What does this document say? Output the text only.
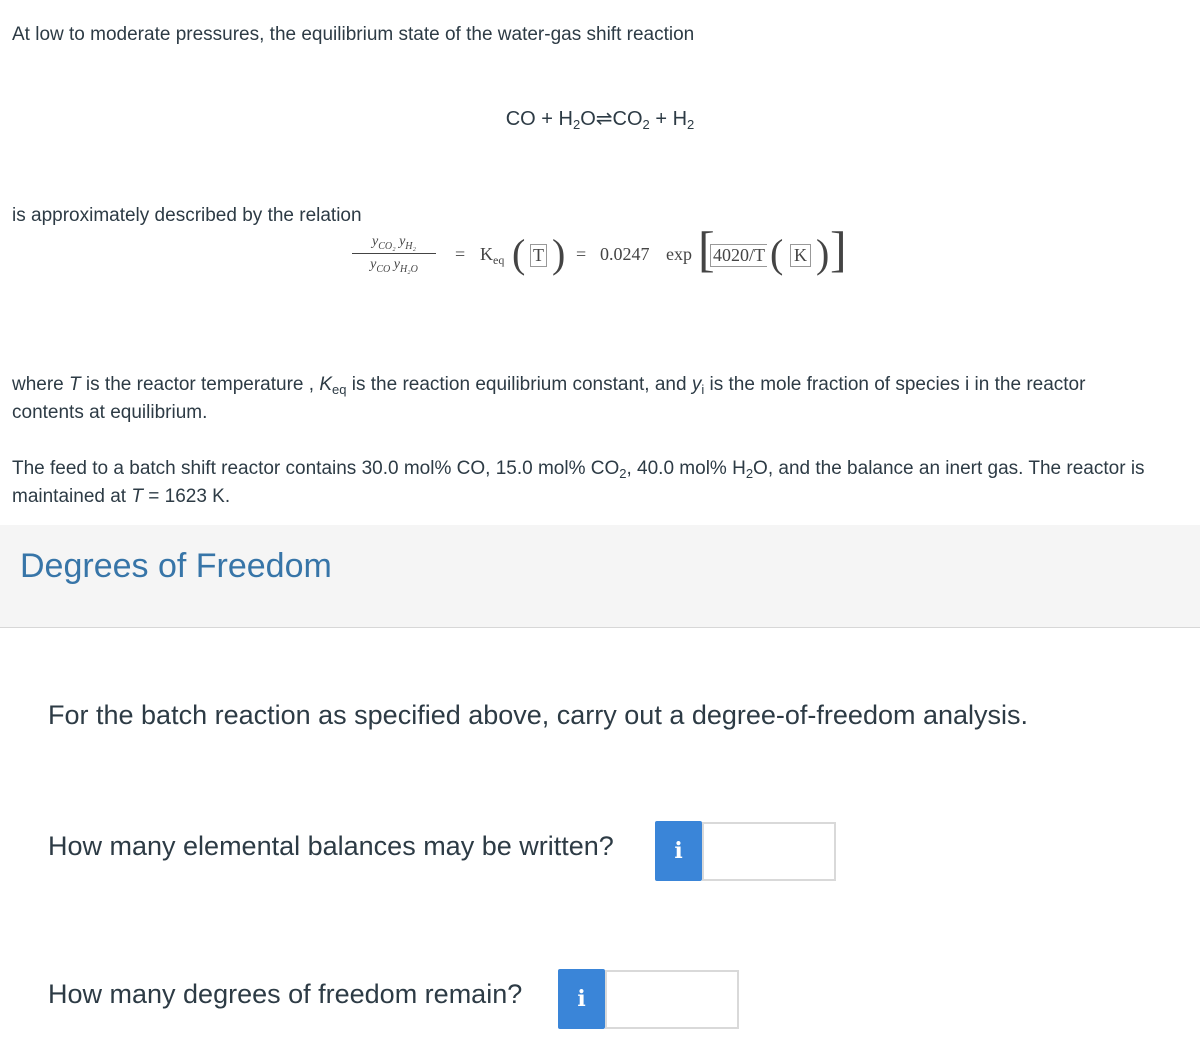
At low to moderate pressures, the equilibrium state of the water-gas shift reaction

CO + $H_2O\rightleftharpoons CO_2 + H_2$

is approximately described by the relation

$y_{CO_2}$ $y_{H_2}$
$y_{CO}$ $y_{H_2O}$
= $K_{eq}$ ( T ) = 0.0247 exp [
4020/T ( K ) ]

where T is the reactor temperature , $K_{eq}$ is the reaction equilibrium constant, and $y_i$ is the mole fraction of species i in the reactor

contents at equilibrium.

The feed to a batch shift reactor contains 30.0 mol% CO, 15.0 mol% $CO_2$, 40.0 mol% $H_2O$, and the balance an inert gas. The reactor is

maintained at T = 1623 K.

Degrees of Freedom
For the batch reaction as specified above, carry out a degree-of-freedom analysis.
How many elemental balances may be written?	i
How many degrees of freedom remain?	i
